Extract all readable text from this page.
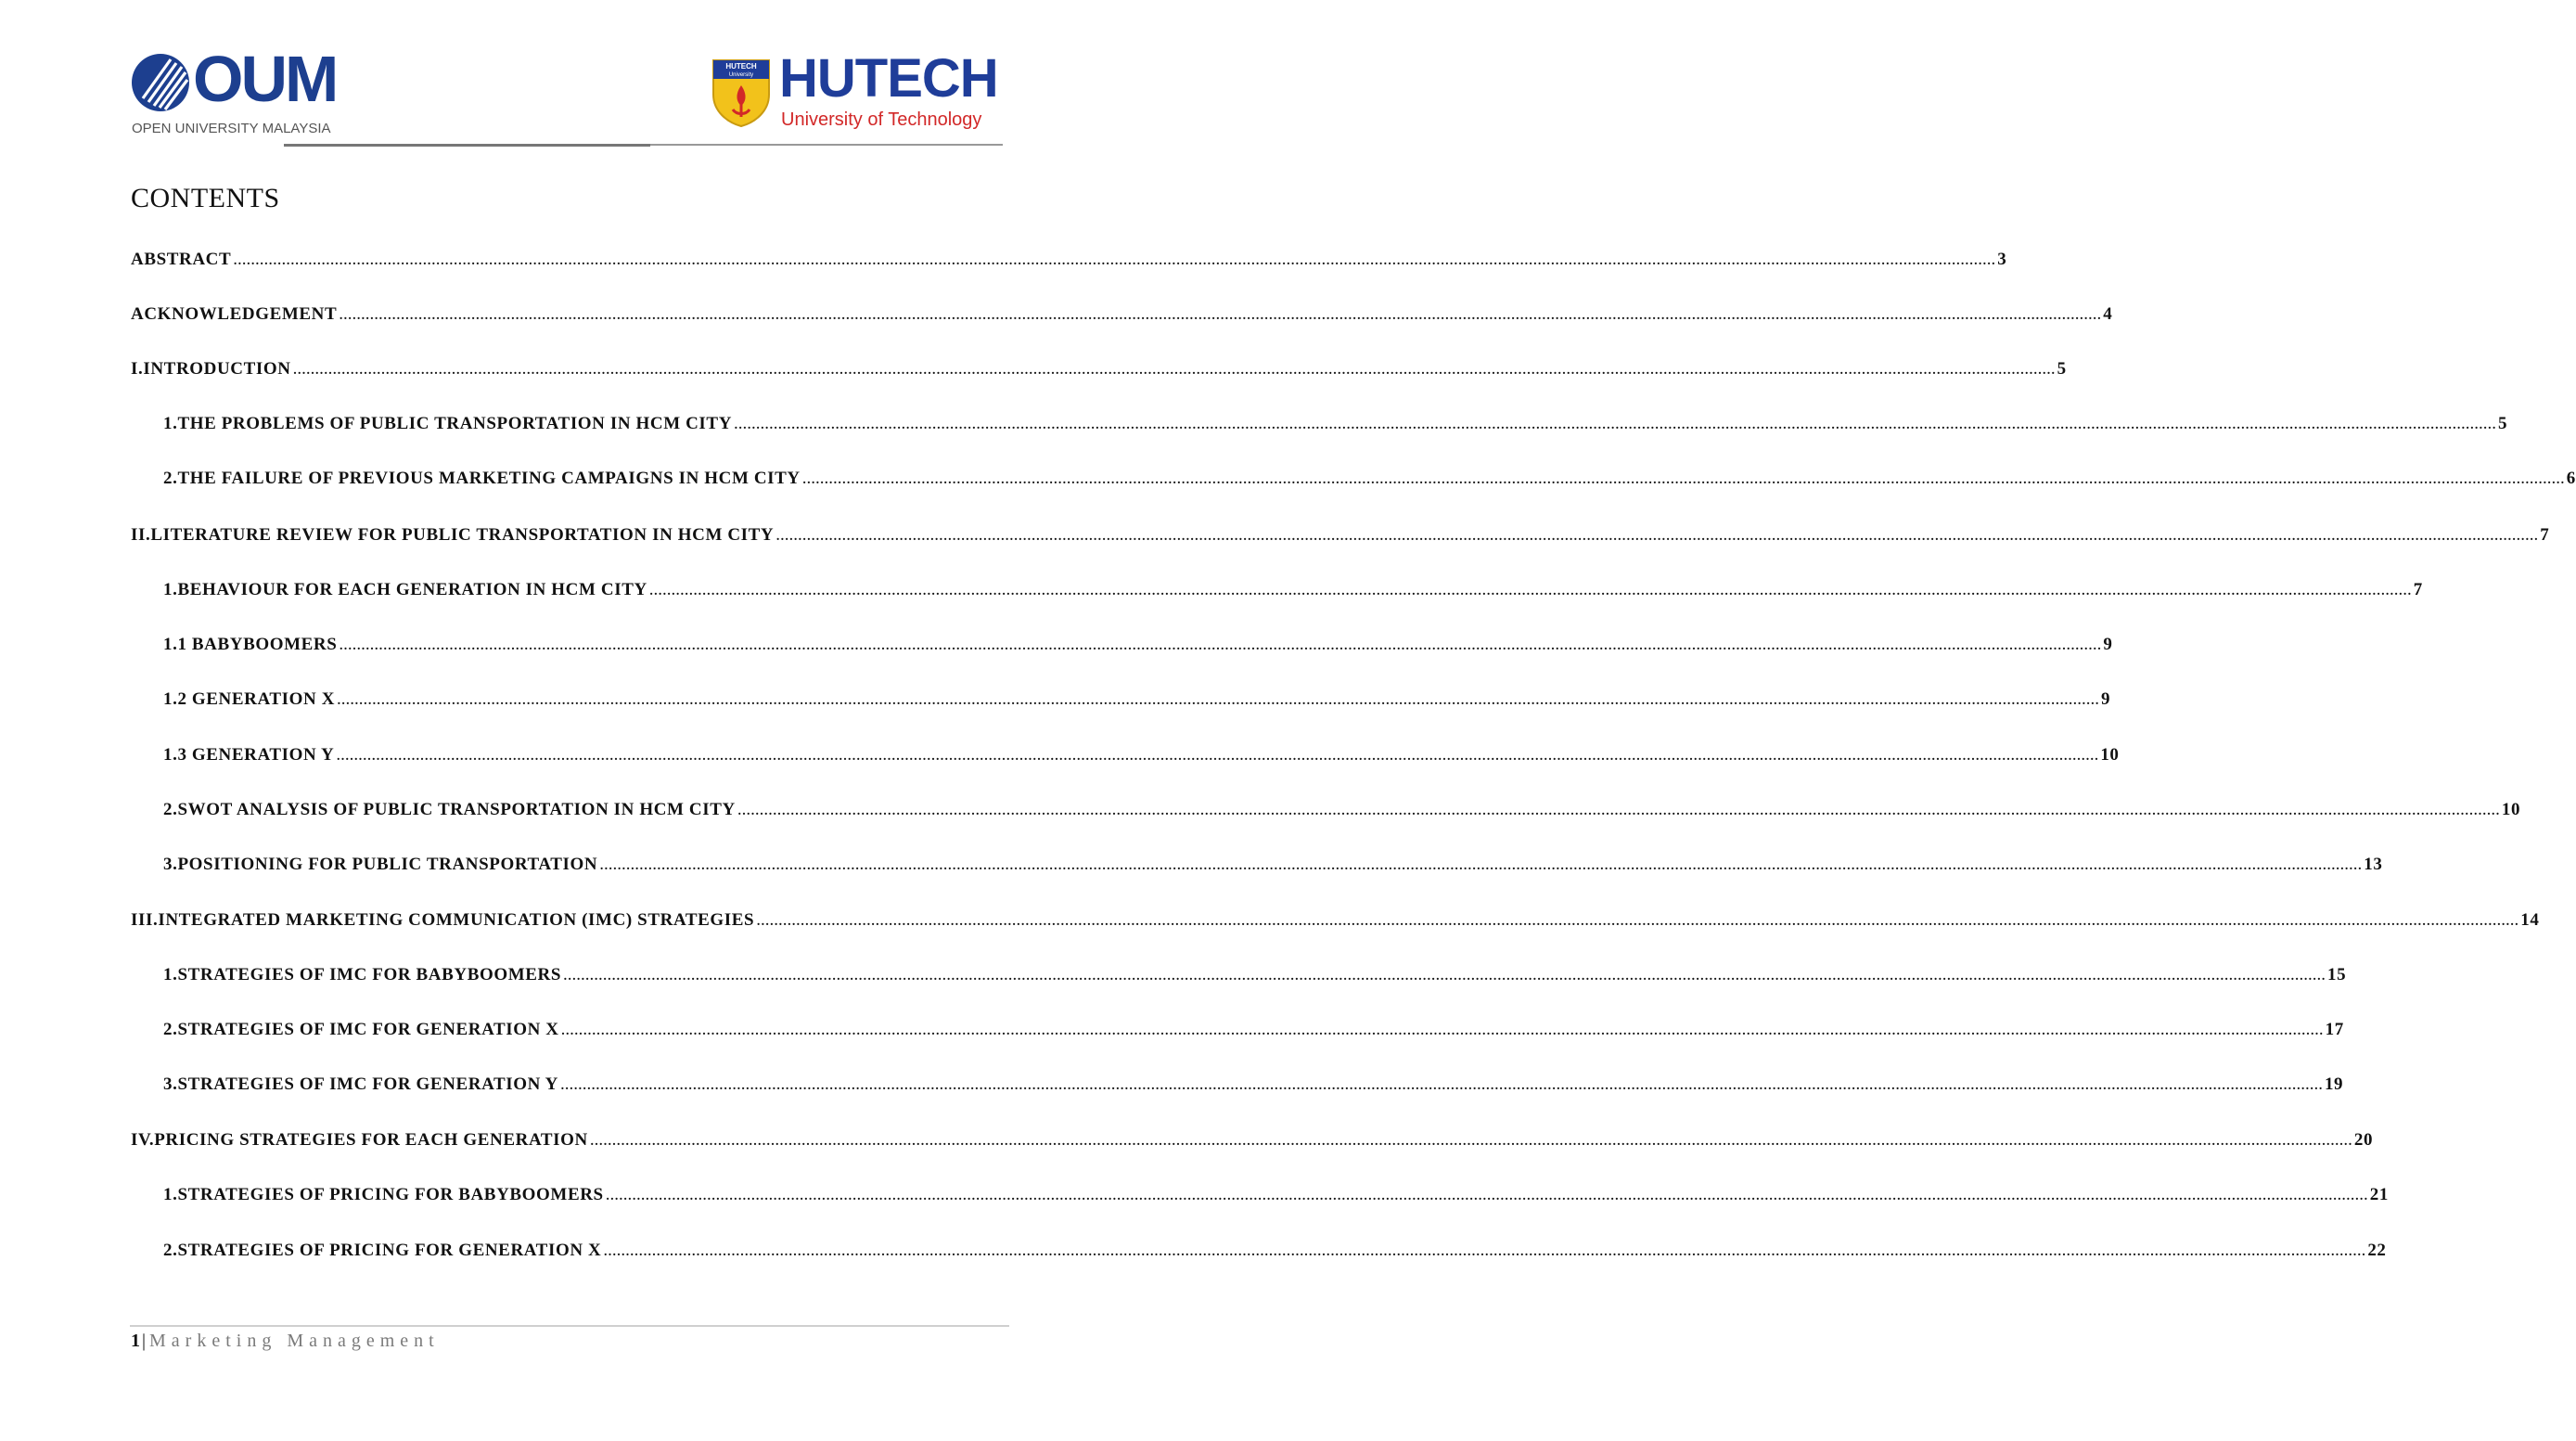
OUM
OPEN UNIVERSITY MALAYSIA
HUTECH
University HUTECH
University of Technology
CONTENTS
ABSTRACT ................................................................................................................................................................................................................................................................................................................................................................................................................ 3
ACKNOWLEDGEMENT ................................................................................................................................................................................................................................................................................................................................................................................................................ 4
I. INTRODUCTION ................................................................................................................................................................................................................................................................................................................................................................................................................ 5
1. THE PROBLEMS OF PUBLIC TRANSPORTATION IN HCM CITY ................................................................................................................................................................................................................................................................................................................................................................................................................ 5
2. THE FAILURE OF PREVIOUS MARKETING CAMPAIGNS IN HCM CITY ................................................................................................................................................................................................................................................................................................................................................................................................................ 6
II. LITERATURE REVIEW FOR PUBLIC TRANSPORTATION IN HCM CITY ................................................................................................................................................................................................................................................................................................................................................................................................................ 7
1. BEHAVIOUR FOR EACH GENERATION IN HCM CITY ................................................................................................................................................................................................................................................................................................................................................................................................................ 7
1.1 BABYBOOMERS ................................................................................................................................................................................................................................................................................................................................................................................................................ 9
1.2 GENERATION X ................................................................................................................................................................................................................................................................................................................................................................................................................ 9
1.3 GENERATION Y ................................................................................................................................................................................................................................................................................................................................................................................................................ 10
2. SWOT ANALYSIS OF PUBLIC TRANSPORTATION IN HCM CITY ................................................................................................................................................................................................................................................................................................................................................................................................................ 10
3. POSITIONING FOR PUBLIC TRANSPORTATION ................................................................................................................................................................................................................................................................................................................................................................................................................ 13
III. INTEGRATED MARKETING COMMUNICATION (IMC) STRATEGIES ................................................................................................................................................................................................................................................................................................................................................................................................................ 14
1. STRATEGIES OF IMC FOR BABYBOOMERS ................................................................................................................................................................................................................................................................................................................................................................................................................ 15
2. STRATEGIES OF IMC FOR GENERATION X ................................................................................................................................................................................................................................................................................................................................................................................................................ 17
3. STRATEGIES OF IMC FOR GENERATION Y ................................................................................................................................................................................................................................................................................................................................................................................................................ 19
IV. PRICING STRATEGIES FOR EACH GENERATION ................................................................................................................................................................................................................................................................................................................................................................................................................ 20
1. STRATEGIES OF PRICING FOR BABYBOOMERS ................................................................................................................................................................................................................................................................................................................................................................................................................ 21
2. STRATEGIES OF PRICING FOR GENERATION X ................................................................................................................................................................................................................................................................................................................................................................................................................ 22
1 | Marketing Management
